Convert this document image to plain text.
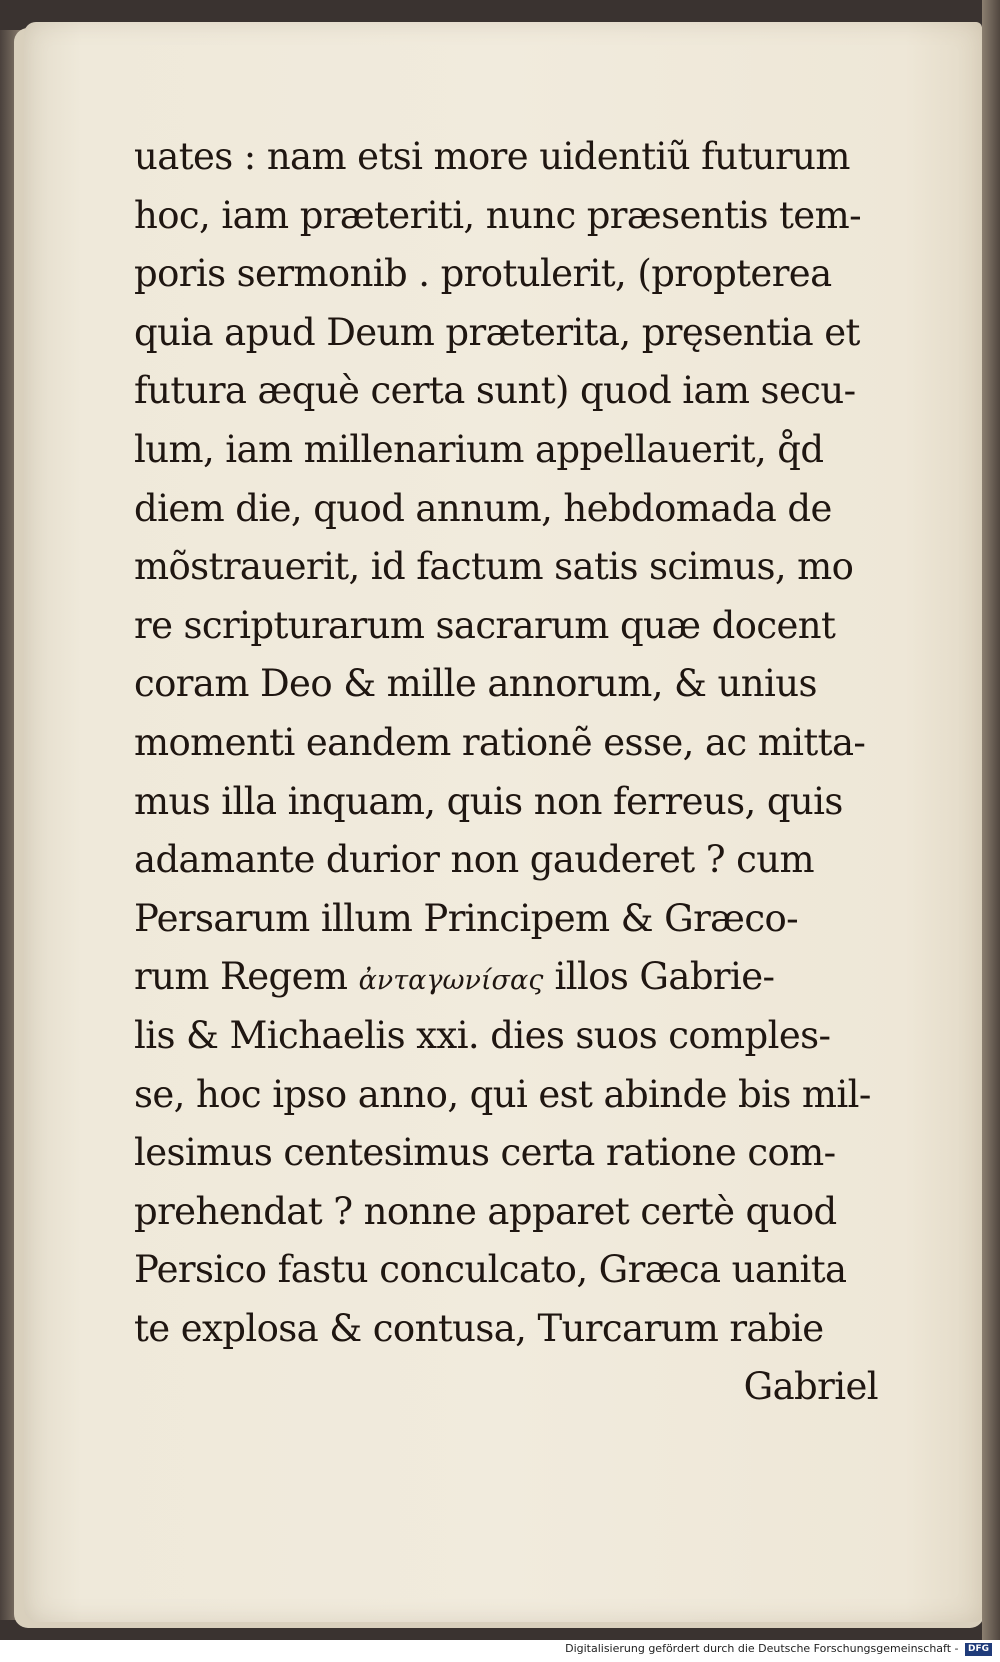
uates : nam etsi more uidentiũ futurum
hoc, iam præteriti, nunc præsentis tem-
poris sermonib . protulerit, (propterea
quia apud Deum præterita, pręsentia et
futura æquè certa sunt) quod iam secu-
lum, iam millenarium appellauerit, q̊d
diem die, quod annum, hebdomada de
mõstrauerit, id factum satis scimus, mo
re scripturarum sacrarum quæ docent
coram Deo & mille annorum, & unius
momenti eandem rationẽ esse, ac mitta-
mus illa inquam, quis non ferreus, quis
adamante durior non gauderet ? cum
Persarum illum Principem & Græco-
rum Regem ἀνταγωνίσας illos Gabrie-
lis & Michaelis xxi. dies suos comples-
se, hoc ipso anno, qui est abinde bis mil-
lesimus centesimus certa ratione com-
prehendat ? nonne apparet certè quod
Persico fastu conculcato, Græca uanita
te explosa & contusa, Turcarum rabie
Gabriel
Digitalisierung gefördert durch die Deutsche Forschungsgemeinschaft - DFG
